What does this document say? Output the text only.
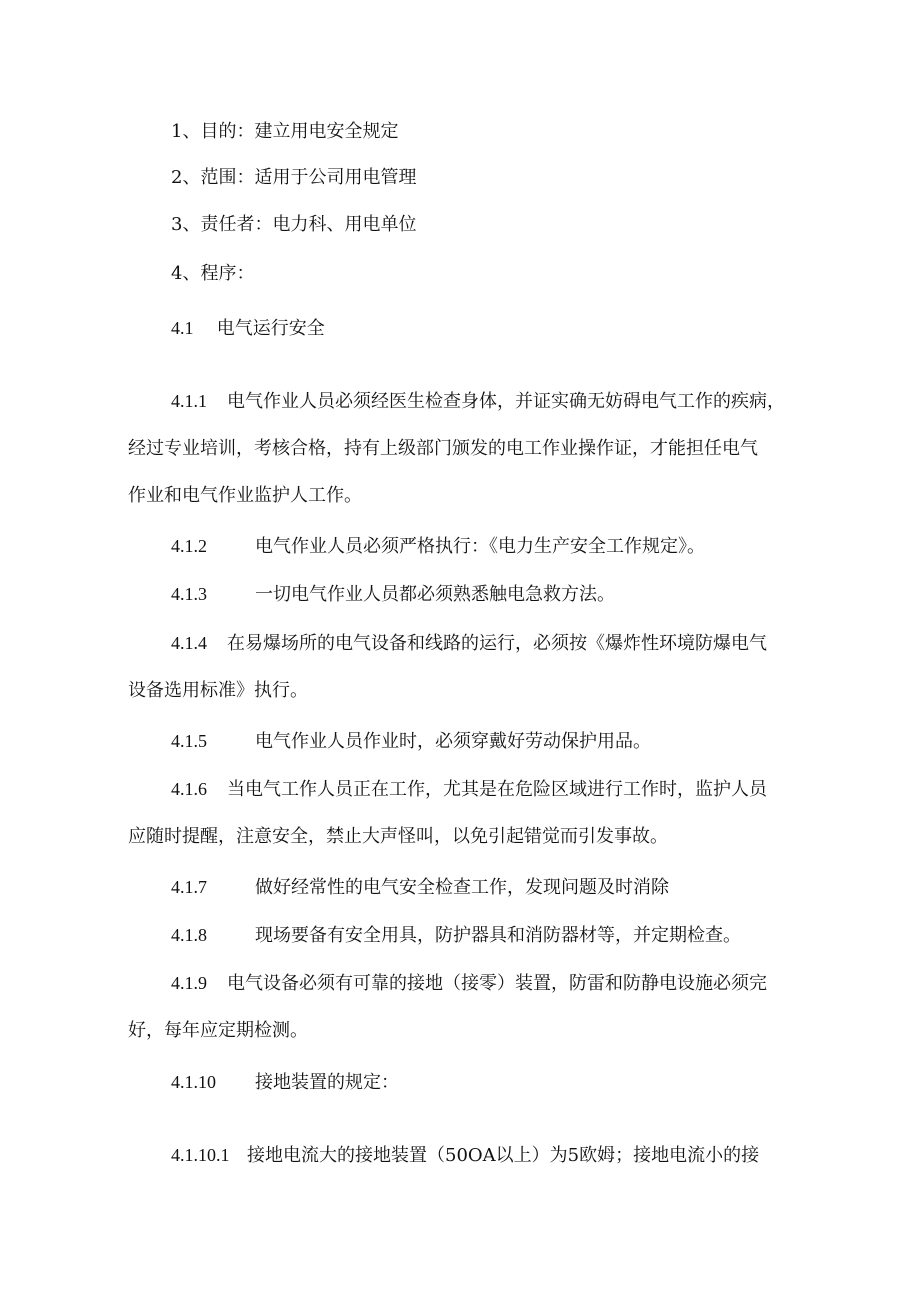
1、目的：建立用电安全规定
2、范围：适用于公司用电管理
3、责任者：电力科、用电单位
4、程序：
4.1 电气运行安全
4.1.1 电气作业人员必须经医生检查身体，并证实确无妨碍电气工作的疾病，
经过专业培训，考核合格，持有上级部门颁发的电工作业操作证，才能担任电气
作业和电气作业监护人工作。
4.1.2	电气作业人员必须严格执行：《电力生产安全工作规定》。
4.1.3	一切电气作业人员都必须熟悉触电急救方法。
4.1.4 在易爆场所的电气设备和线路的运行，必须按《爆炸性环境防爆电气
设备选用标准》执行。
4.1.5	电气作业人员作业时，必须穿戴好劳动保护用品。
4.1.6 当电气工作人员正在工作，尤其是在危险区域进行工作时，监护人员
应随时提醒，注意安全，禁止大声怪叫，以免引起错觉而引发事故。
4.1.7	做好经常性的电气安全检查工作，发现问题及时消除
4.1.8	现场要备有安全用具，防护器具和消防器材等，并定期检查。
4.1.9 电气设备必须有可靠的接地（接零）装置，防雷和防静电设施必须完
好，每年应定期检测。
4.1.10 接地装置的规定：
4.1.10.1 接地电流大的接地装置（50OA以上）为5欧姆；接地电流小的接
